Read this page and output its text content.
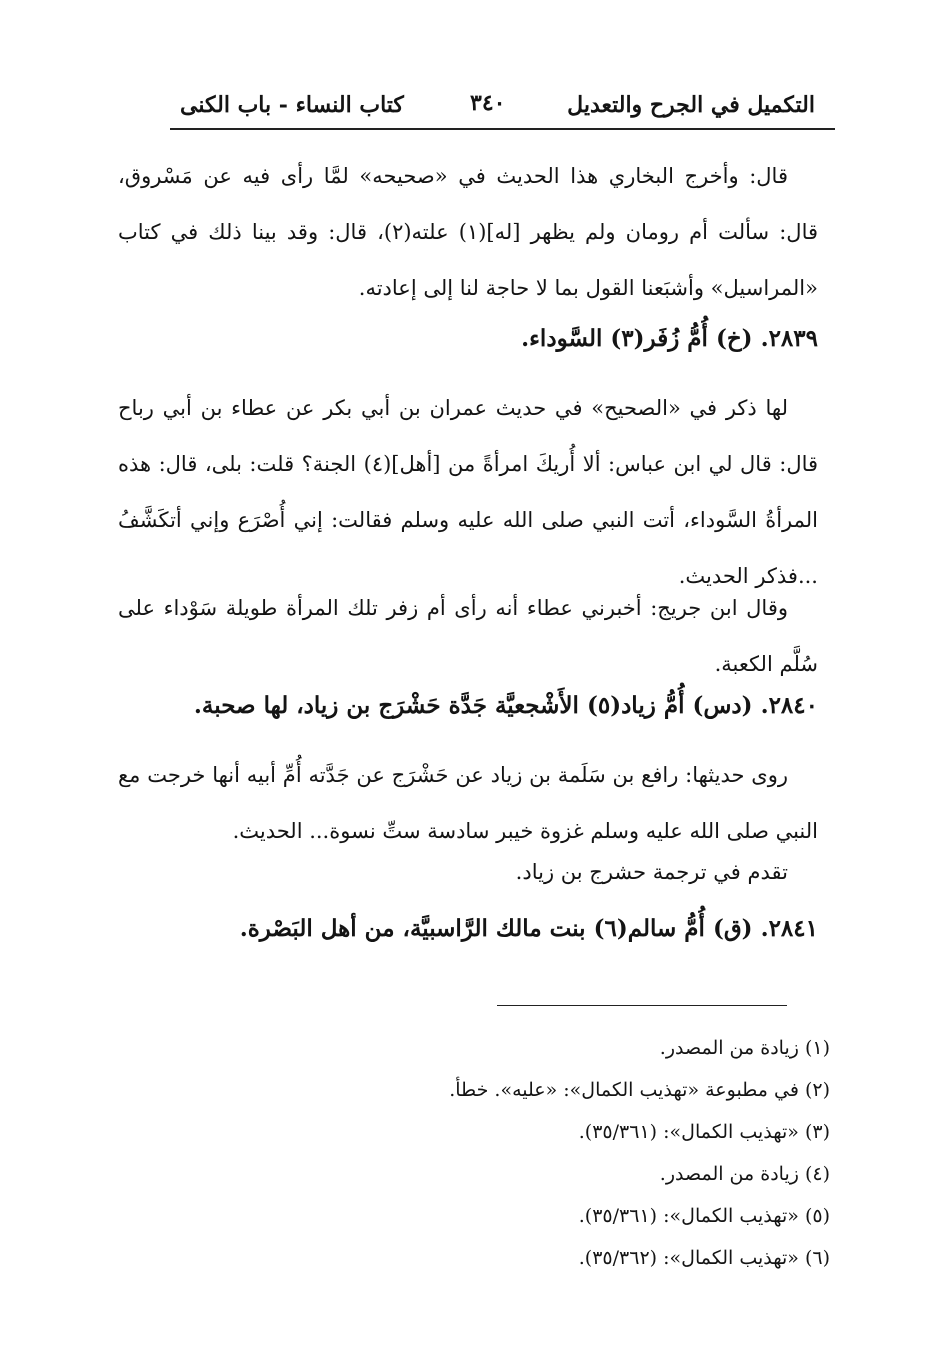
التكميل في الجرح والتعديل
٣٤٠
كتاب النساء - باب الكنى
قال: وأخرج البخاري هذا الحديث في «صحيحه» لمَّا رأى فيه عن مَسْروق، قال: سألت أم رومان ولم يظهر [له](١) علته(٢)، قال: وقد بينا ذلك في كتاب «المراسيل» وأشبَعنا القول بما لا حاجة لنا إلى إعادته.
٢٨٣٩. (خ) أُمُّ زُفَر(٣) السَّوداء.
لها ذكر في «الصحيح» في حديث عمران بن أبي بكر عن عطاء بن أبي رباح قال: قال لي ابن عباس: ألا أُريكَ امرأةً من [أهل](٤) الجنة؟ قلت: بلى، قال: هذه المرأةُ السَّوداء، أتت النبي صلى الله عليه وسلم فقالت: إني أُصْرَع وإني أتكَشَّفُ ...فذكر الحديث.
وقال ابن جريج: أخبرني عطاء أنه رأى أم زفر تلك المرأة طويلة سَوْداء على سُلَّم الكعبة.
٢٨٤٠. (دس) أُمُّ زياد(٥) الأَشْجعيَّة جَدَّة حَشْرَج بن زياد، لها صحبة.
روى حديثها: رافع بن سَلَمة بن زياد عن حَشْرَج عن جَدَّته أُمِّ أبيه أنها خرجت مع النبي صلى الله عليه وسلم غزوة خيبر سادسة ستِّ نسوة... الحديث.
تقدم في ترجمة حشرج بن زياد.
٢٨٤١. (ق) أُمُّ سالم(٦) بنت مالك الرَّاسبيَّة، من أهل البَصْرة.
(١) زيادة من المصدر.
(٢) في مطبوعة «تهذيب الكمال»: «عليه». خطأ.
(٣) «تهذيب الكمال»: (٣٥/٣٦١).
(٤) زيادة من المصدر.
(٥) «تهذيب الكمال»: (٣٥/٣٦١).
(٦) «تهذيب الكمال»: (٣٥/٣٦٢).
